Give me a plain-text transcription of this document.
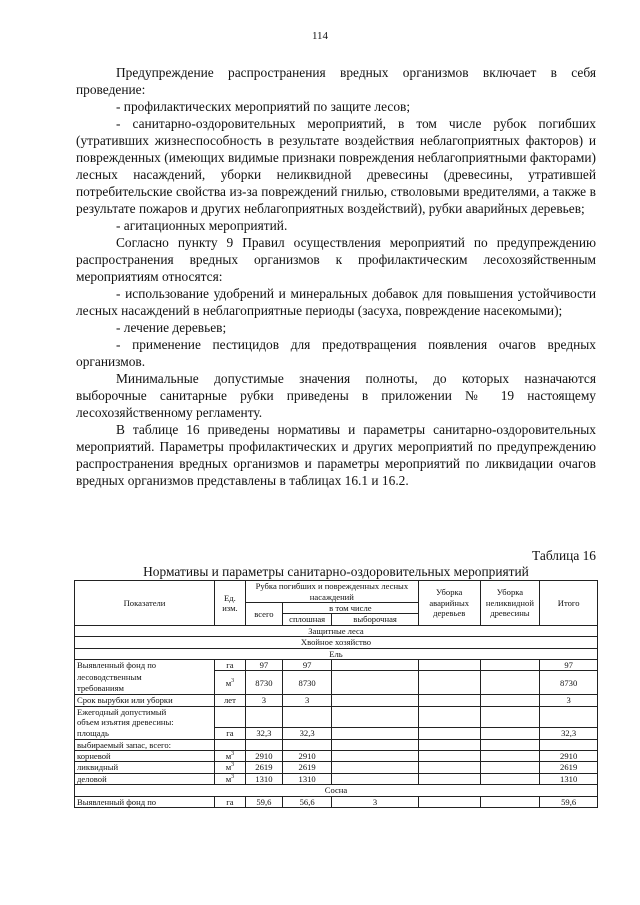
114

Предупреждение распространения вредных организмов включает в себя проведение:

- профилактических мероприятий по защите лесов;

- санитарно-оздоровительных мероприятий, в том числе рубок погибших (утративших жизнеспособность в результате воздействия неблагоприятных факторов) и поврежденных (имеющих видимые признаки повреждения неблагоприятными факторами) лесных насаждений, уборки неликвидной древесины (древесины, утратившей потребительские свойства из-за повреждений гнилью, стволовыми вредителями, а также в результате пожаров и других неблагоприятных воздействий), рубки аварийных деревьев;

- агитационных мероприятий.

Согласно пункту 9 Правил осуществления мероприятий по предупреждению распространения вредных организмов к профилактическим лесохозяйственным мероприятиям относятся:

- использование удобрений и минеральных добавок для повышения устойчивости лесных насаждений в неблагоприятные периоды (засуха, повреждение насекомыми);

- лечение деревьев;

- применение пестицидов для предотвращения появления очагов вредных организмов.

Минимальные допустимые значения полноты, до которых назначаются выборочные санитарные рубки приведены в приложении № 19 настоящему лесохозяйственному регламенту.

В таблице 16 приведены нормативы и параметры санитарно-оздоровительных мероприятий. Параметры профилактических и других мероприятий по предупреждению распространения вредных организмов и параметры мероприятий по ликвидации очагов вредных организмов представлены в таблицах 16.1 и 16.2.

Таблица 16
Нормативы и параметры санитарно-оздоровительных мероприятий
Показатели	Ед. изм.	Рубка погибших и поврежденных лесных насаждений			Уборка аварийных деревьев	Уборка неликвидной древесины	Итого
		всего	в том числе				
			сплошная	выборочная			
Защитные леса							
Хвойное хозяйство							
Ель							
Выявленный фонд по	га	97	97				97

лесоводственным
требованиям	$м^3$	8730	8730				8730
Срок вырубки или уборки	лет	3	3				3

Ежегодный допустимый
объем изъятия древесины:							

площадь	га	32,3	32,3				32,3
выбираемый запас, всего:							
корневой	$м^3$	2910	2910				2910
ликвидный	$м^3$	2619	2619				2619
деловой	$м^3$	1310	1310				1310
Сосна							
Выявленный фонд по	га	59,6	56,6	3			59,6
